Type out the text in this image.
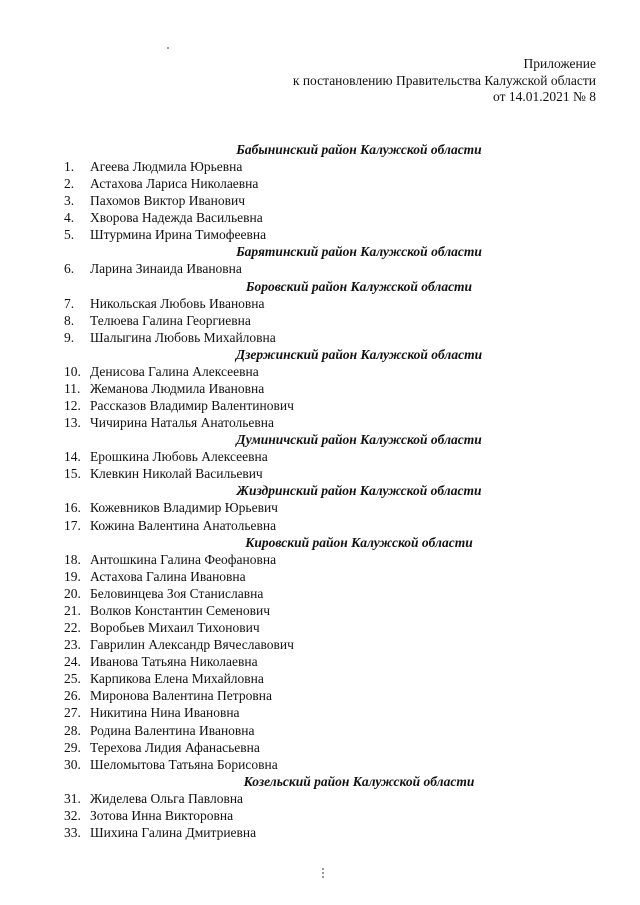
Приложение
к постановлению Правительства Калужской области
от 14.01.2021 № 8
Бабынинский район Калужской области
1.	Агеева Людмила Юрьевна
2.	Астахова Лариса Николаевна
3.	Пахомов Виктор Иванович
4.	Хворова Надежда Васильевна
5.	Штурмина Ирина Тимофеевна
Барятинский район Калужской области
6.	Ларина Зинаида Ивановна
Боровский район Калужской области
7.	Никольская Любовь Ивановна
8.	Телюева Галина Георгиевна
9.	Шалыгина Любовь Михайловна
Дзержинский район Калужской области
10. Денисова Галина Алексеевна
11. Жеманова Людмила Ивановна
12. Рассказов Владимир Валентинович
13. Чичирина Наталья Анатольевна
Думиничский район Калужской области
14. Ерошкина Любовь Алексеевна
15. Клевкин Николай Васильевич
Жиздринский район Калужской области
16. Кожевников Владимир Юрьевич
17. Кожина Валентина Анатольевна
Кировский район Калужской области
18. Антошкина Галина Феофановна
19. Астахова Галина Ивановна
20. Беловинцева Зоя Станиславна
21. Волков Константин Семенович
22. Воробьев Михаил Тихонович
23. Гаврилин Александр Вячеславович
24. Иванова Татьяна Николаевна
25. Карпикова Елена Михайловна
26. Миронова Валентина Петровна
27. Никитина Нина Ивановна
28. Родина Валентина Ивановна
29. Терехова Лидия Афанасьевна
30. Шеломытова Татьяна Борисовна
Козельский район Калужской области
31. Жиделева Ольга Павловна
32. Зотова Инна Викторовна
33. Шихина Галина Дмитриевна
